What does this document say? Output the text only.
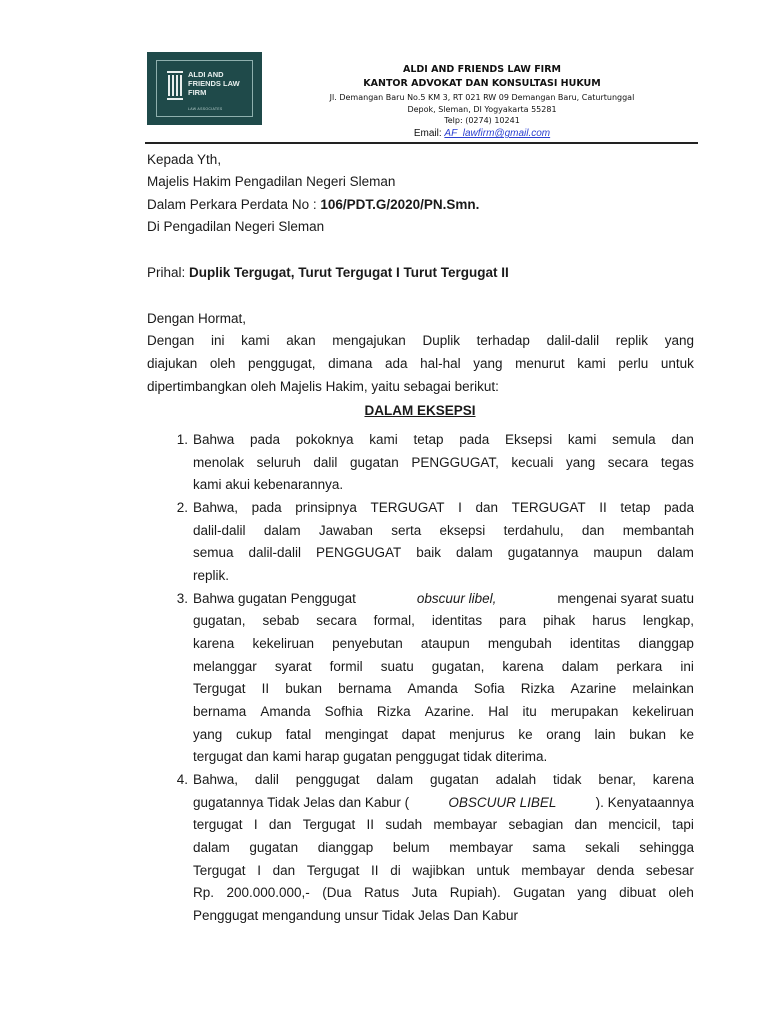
ALDI AND
FRIENDS LAW
FIRM
LAW ASSOCIATES
ALDI AND FRIENDS LAW FIRM
KANTOR ADVOKAT DAN KONSULTASI HUKUM
Jl. Demangan Baru No.5 KM 3, RT 021 RW 09 Demangan Baru, Caturtunggal
Depok, Sleman, DI Yogyakarta 55281
Telp: (0274) 10241
Email: AF_lawfirm@gmail.com
Kepada Yth,
Majelis Hakim Pengadilan Negeri Sleman
Dalam Perkara Perdata No : 106/PDT.G/2020/PN.Smn.
Di Pengadilan Negeri Sleman
Prihal: Duplik Tergugat, Turut Tergugat I Turut Tergugat II
Dengan Hormat,
Dengan ini kami akan mengajukan Duplik terhadap dalil-dalil replik yang
diajukan oleh penggugat, dimana ada hal-hal yang menurut kami perlu untuk
dipertimbangkan oleh Majelis Hakim, yaitu sebagai berikut:
DALAM EKSEPSI
1. Bahwa pada pokoknya kami tetap pada Eksepsi kami semula dan
menolak seluruh dalil gugatan PENGGUGAT, kecuali yang secara tegas
kami akui kebenarannya.
2. Bahwa, pada prinsipnya TERGUGAT I dan TERGUGAT II tetap pada
dalil-dalil dalam Jawaban serta eksepsi terdahulu, dan membantah
semua dalil-dalil PENGGUGAT baik dalam gugatannya maupun dalam
replik.
3. Bahwa gugatan Penggugat	obscuur libel,	mengenai syarat suatu
gugatan, sebab secara formal, identitas para pihak harus lengkap,
karena kekeliruan penyebutan ataupun mengubah identitas dianggap
melanggar syarat formil suatu gugatan, karena dalam perkara ini
Tergugat II bukan bernama Amanda Sofia Rizka Azarine melainkan
bernama Amanda Sofhia Rizka Azarine. Hal itu merupakan kekeliruan
yang cukup fatal mengingat dapat menjurus ke orang lain bukan ke
tergugat dan kami harap gugatan penggugat tidak diterima.
4. Bahwa, dalil penggugat dalam gugatan adalah tidak benar, karena
gugatannya Tidak Jelas dan Kabur (	OBSCUUR LIBEL	). Kenyataannya
tergugat I dan Tergugat II sudah membayar sebagian dan mencicil, tapi
dalam gugatan dianggap belum membayar sama sekali sehingga
Tergugat I dan Tergugat II di wajibkan untuk membayar denda sebesar
Rp. 200.000.000,- (Dua Ratus Juta Rupiah). Gugatan yang dibuat oleh
Penggugat mengandung unsur Tidak Jelas Dan Kabur
